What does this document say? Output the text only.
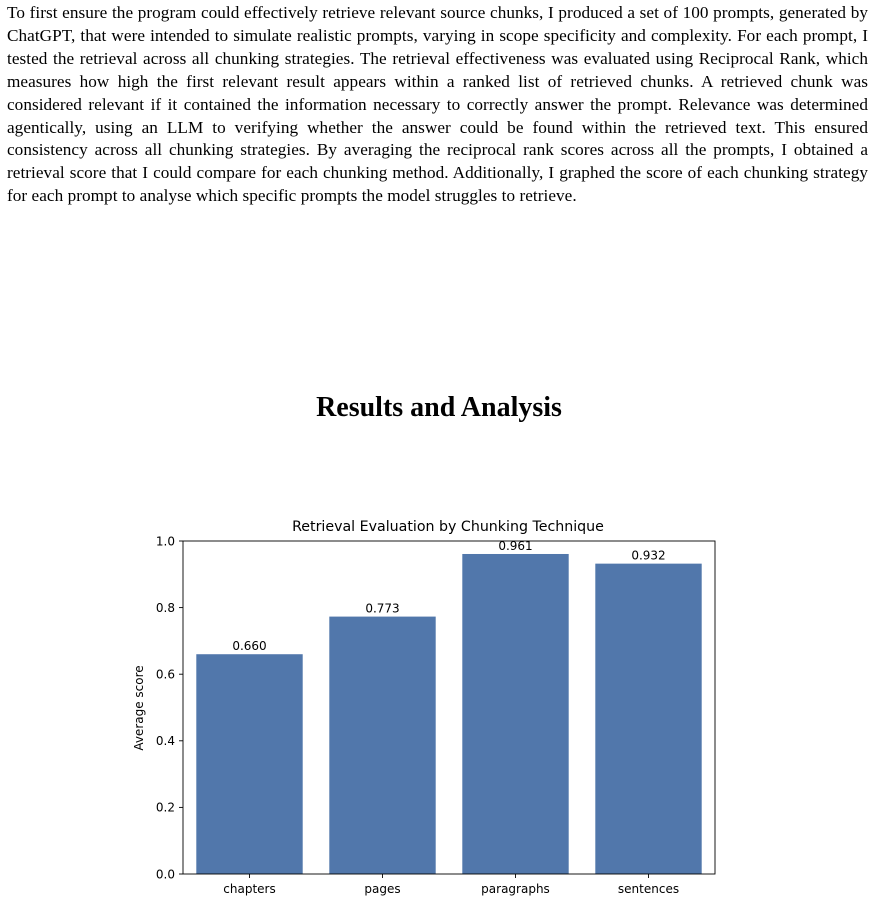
To first ensure the program could effectively retrieve relevant source chunks, I produced a set of 100 prompts, generated by ChatGPT, that were intended to simulate realistic prompts, varying in scope specificity and complexity. For each prompt, I tested the retrieval across all chunking strategies. The retrieval effectiveness was evaluated using Reciprocal Rank, which measures how high the first relevant result appears within a ranked list of retrieved chunks. A retrieved chunk was considered relevant if it contained the information necessary to correctly answer the prompt. Relevance was determined agentically, using an LLM to verifying whether the answer could be found within the retrieved text. This ensured consistency across all chunking strategies. By averaging the reciprocal rank scores across all the prompts, I obtained a retrieval score that I could compare for each chunking method. Additionally, I graphed the score of each chunking strategy for each prompt to analyse which specific prompts the model struggles to retrieve.

Results and Analysis
0.660
0.773
0.961
0.932
chapters	pages	paragraphs	sentences
0.0
0.2
0.4
0.6
0.8
1.0
Retrieval Evaluation by Chunking Technique
Average score
